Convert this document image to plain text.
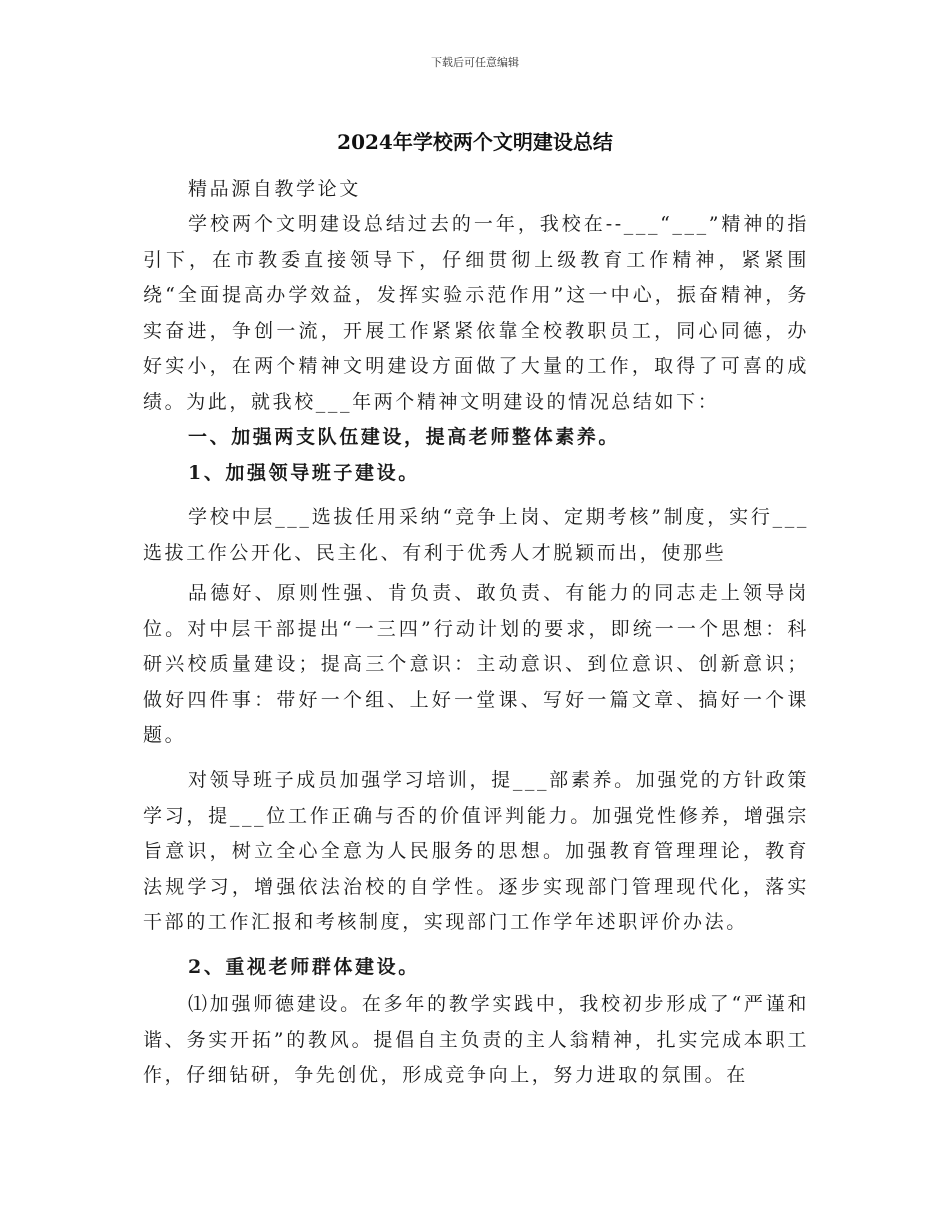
下载后可任意编辑
2024年学校两个文明建设总结

精品源自教学论文

学校两个文明建设总结过去的一年，我校在--___“___”精神的指引下，在市教委直接领导下，仔细贯彻上级教育工作精神，紧紧围绕“全面提高办学效益，发挥实验示范作用”这一中心，振奋精神，务实奋进，争创一流，开展工作紧紧依靠全校教职员工，同心同德，办好实小，在两个精神文明建设方面做了大量的工作，取得了可喜的成绩。为此，就我校___年两个精神文明建设的情况总结如下：

一、加强两支队伍建设，提高老师整体素养。

1、加强领导班子建设。

学校中层___选拔任用采纳“竞争上岗、定期考核”制度，实行___选拔工作公开化、民主化、有利于优秀人才脱颖而出，使那些

品德好、原则性强、肯负责、敢负责、有能力的同志走上领导岗位。对中层干部提出“一三四”行动计划的要求，即统一一个思想：科研兴校质量建设；提高三个意识：主动意识、到位意识、创新意识；做好四件事：带好一个组、上好一堂课、写好一篇文章、搞好一个课题。

对领导班子成员加强学习培训，提___部素养。加强党的方针政策学习，提___位工作正确与否的价值评判能力。加强党性修养，增强宗旨意识，树立全心全意为人民服务的思想。加强教育管理理论，教育法规学习，增强依法治校的自学性。逐步实现部门管理现代化，落实干部的工作汇报和考核制度，实现部门工作学年述职评价办法。

2、重视老师群体建设。

⑴加强师德建设。在多年的教学实践中，我校初步形成了“严谨和谐、务实开拓”的教风。提倡自主负责的主人翁精神，扎实完成本职工作，仔细钻研，争先创优，形成竞争向上，努力进取的氛围。在
